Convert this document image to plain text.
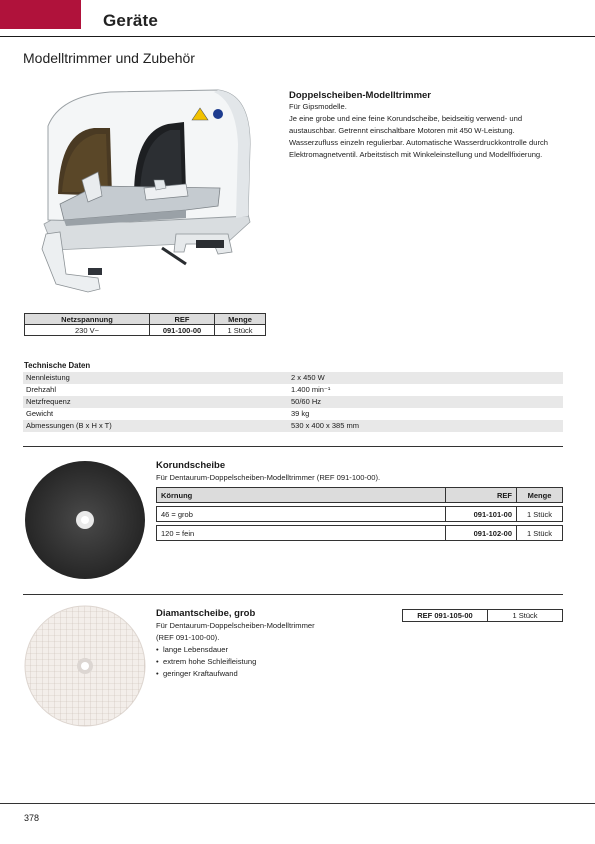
Geräte
Modelltrimmer und Zubehör
Doppelscheiben-Modelltrimmer
Für Gipsmodelle.
Je eine grobe und eine feine Korundscheibe, beidseitig verwend- und
austauschbar. Getrennt einschaltbare Motoren mit 450 W-Leistung.
Wasserzufluss einzeln regulierbar. Automatische Wasserdruckkontrolle durch
Elektromagnetventil. Arbeitstisch mit Winkeleinstellung und Modellfixierung.
Netzspannung	REF	Menge
230 V~	091-100-00	1 Stück
Technische Daten
Nennleistung	2 x 450 W
Drehzahl	1.400 min⁻¹
Netzfrequenz	50/60 Hz
Gewicht	39 kg
Abmessungen (B x H x T)	530 x 400 x 385 mm
Korundscheibe
Für Dentaurum-Doppelscheiben-Modelltrimmer (REF 091-100-00).
Körnung	REF	Menge

46 = grob	091-101-00	1 Stück

120 = fein	091-102-00	1 Stück
Diamantscheibe, grob
Für Dentaurum-Doppelscheiben-Modelltrimmer
(REF 091-100-00).
• lange Lebensdauer
• extrem hohe Schleifleistung
• geringer Kraftaufwand
REF 091-105-00	1 Stück
378
